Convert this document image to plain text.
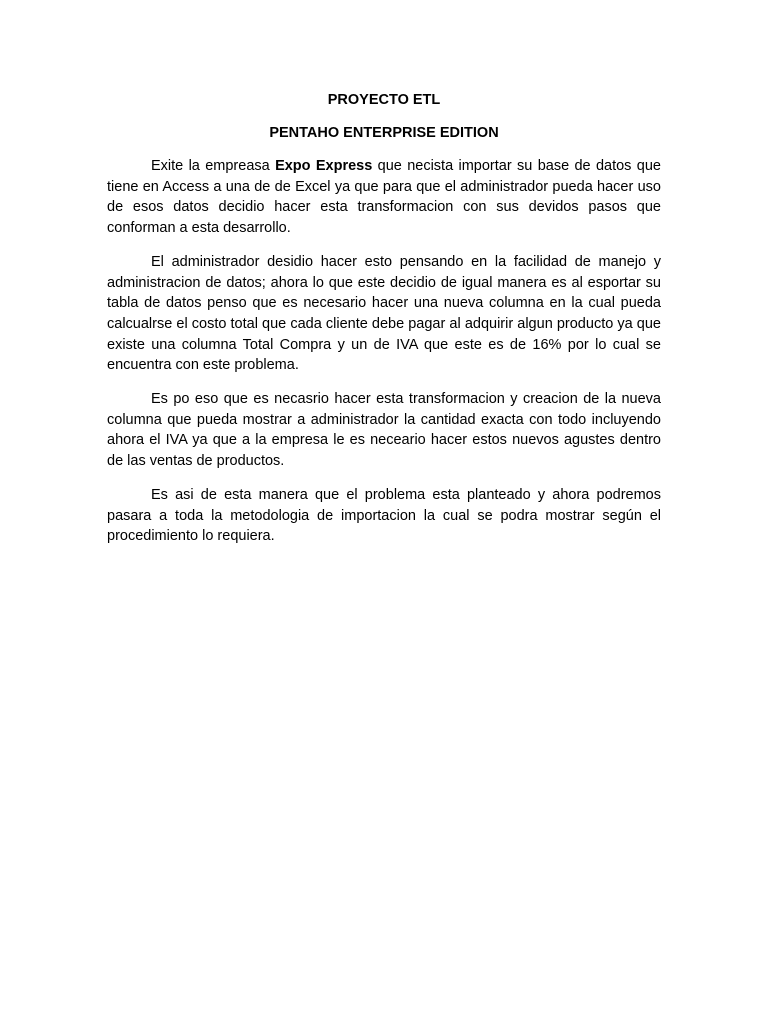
PROYECTO ETL
PENTAHO ENTERPRISE EDITION

Exite la empreasa Expo Express que necista importar su base de datos que tiene en Access a una de de Excel ya que para que el administrador pueda hacer uso de esos datos decidio hacer esta transformacion con sus devidos pasos que conforman a esta desarrollo.

El administrador desidio hacer esto pensando en la facilidad de manejo y administracion de datos; ahora lo que este decidio de igual manera es al esportar su tabla de datos penso que es necesario hacer una nueva columna en la cual pueda calcualrse el costo total que cada cliente debe pagar al adquirir algun producto ya que existe una columna Total Compra y un de IVA que este es de 16% por lo cual se encuentra con este problema.

Es po eso que es necasrio hacer esta transformacion y creacion de la nueva columna que pueda mostrar a administrador la cantidad exacta con todo incluyendo ahora el IVA ya que a la empresa le es neceario hacer estos nuevos agustes dentro de las ventas de productos.

Es asi de esta manera que el problema esta planteado y ahora podremos pasara a toda la metodologia de importacion la cual se podra mostrar según el procedimiento lo requiera.
